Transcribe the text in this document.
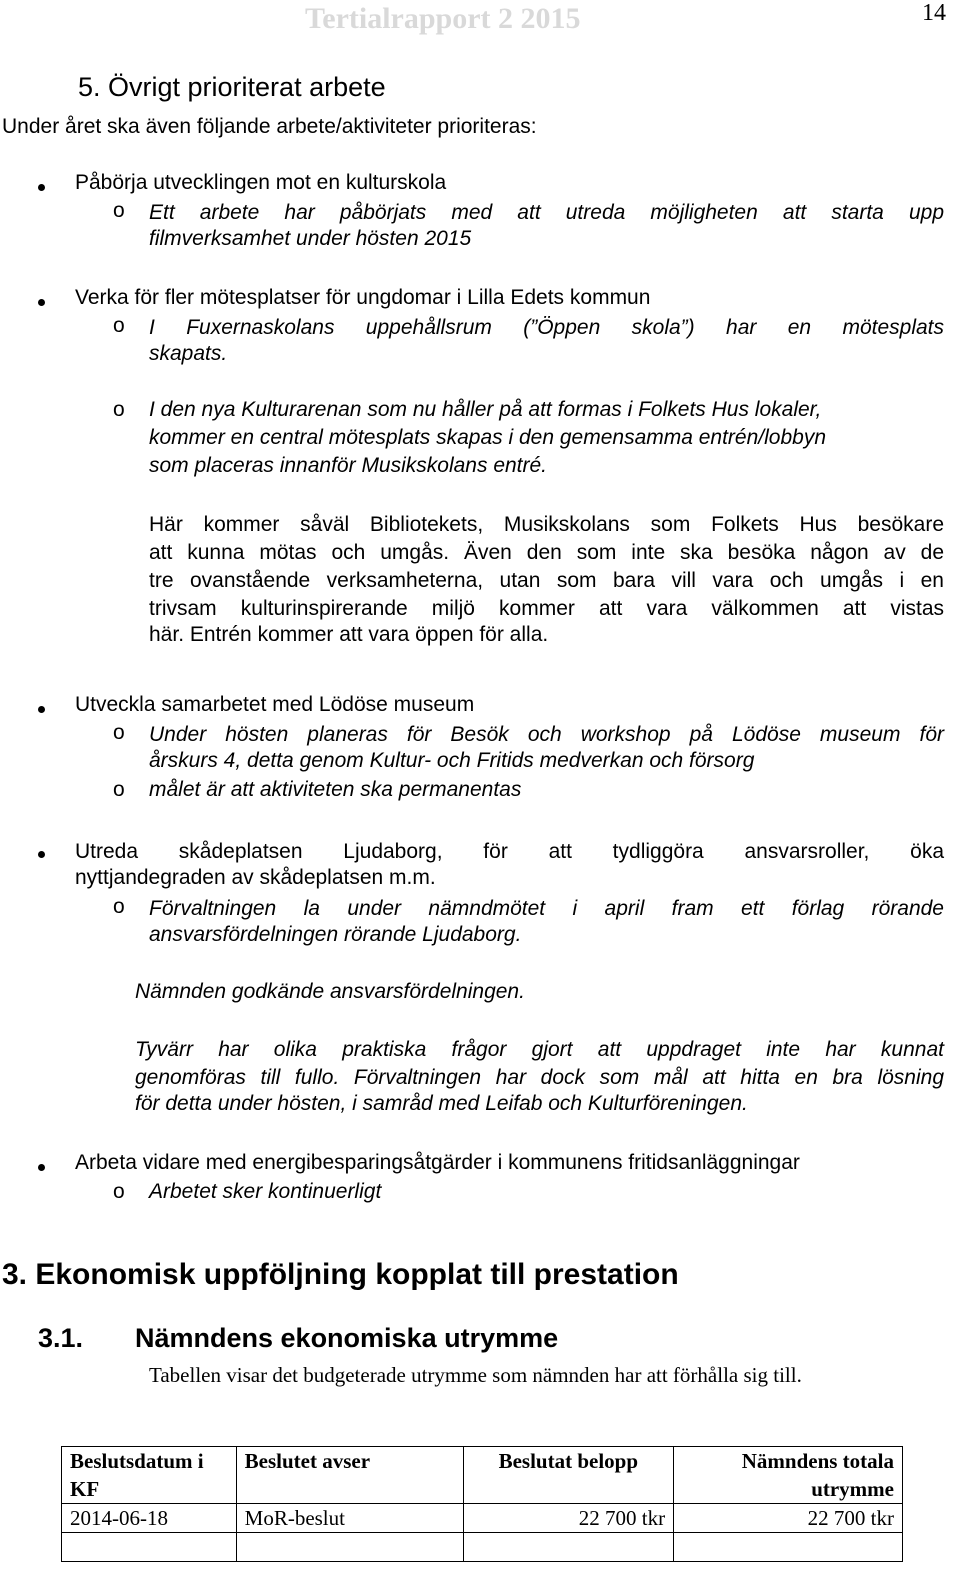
Tertialrapport 2 2015	14
5. Övrigt prioriterat arbete
Under året ska även följande arbete/aktiviteter prioriteras:
Påbörja utvecklingen mot en kulturskola
o Ett arbete har påbörjats med att utreda möjligheten att starta upp
filmverksamhet under hösten 2015
Verka för fler mötesplatser för ungdomar i Lilla Edets kommun
o I Fuxernaskolans uppehållsrum (”Öppen skola”) har en mötesplats
skapats.
o I den nya Kulturarenan som nu håller på att formas i Folkets Hus lokaler,
kommer en central mötesplats skapas i den gemensamma entrén/lobbyn
som placeras innanför Musikskolans entré.
Här kommer såväl Bibliotekets, Musikskolans som Folkets Hus besökare
att kunna mötas och umgås. Även den som inte ska besöka någon av de
tre ovanstående verksamheterna, utan som bara vill vara och umgås i en
trivsam kulturinspirerande miljö kommer att vara välkommen att vistas
här. Entrén kommer att vara öppen för alla.
Utveckla samarbetet med Lödöse museum
o Under hösten planeras för Besök och workshop på Lödöse museum för
årskurs 4, detta genom Kultur- och Fritids medverkan och försorg
o målet är att aktiviteten ska permanentas
Utreda skådeplatsen Ljudaborg, för att tydliggöra ansvarsroller, öka
nyttjandegraden av skådeplatsen m.m.
o Förvaltningen la under nämndmötet i april fram ett förlag rörande
ansvarsfördelningen rörande Ljudaborg.
Nämnden godkände ansvarsfördelningen.
Tyvärr har olika praktiska frågor gjort att uppdraget inte har kunnat
genomföras till fullo. Förvaltningen har dock som mål att hitta en bra lösning
för detta under hösten, i samråd med Leifab och Kulturföreningen.
Arbeta vidare med energibesparingsåtgärder i kommunens fritidsanläggningar
o Arbetet sker kontinuerligt
3. Ekonomisk uppföljning kopplat till prestation
3.1. Nämndens ekonomiska utrymme
Tabellen visar det budgeterade utrymme som nämnden har att förhålla sig till.
Beslutsdatum i KF	Beslutet avser	Beslutat belopp	Nämndens totala utrymme
2014-06-18	MoR-beslut	22 700 tkr	22 700 tkr
